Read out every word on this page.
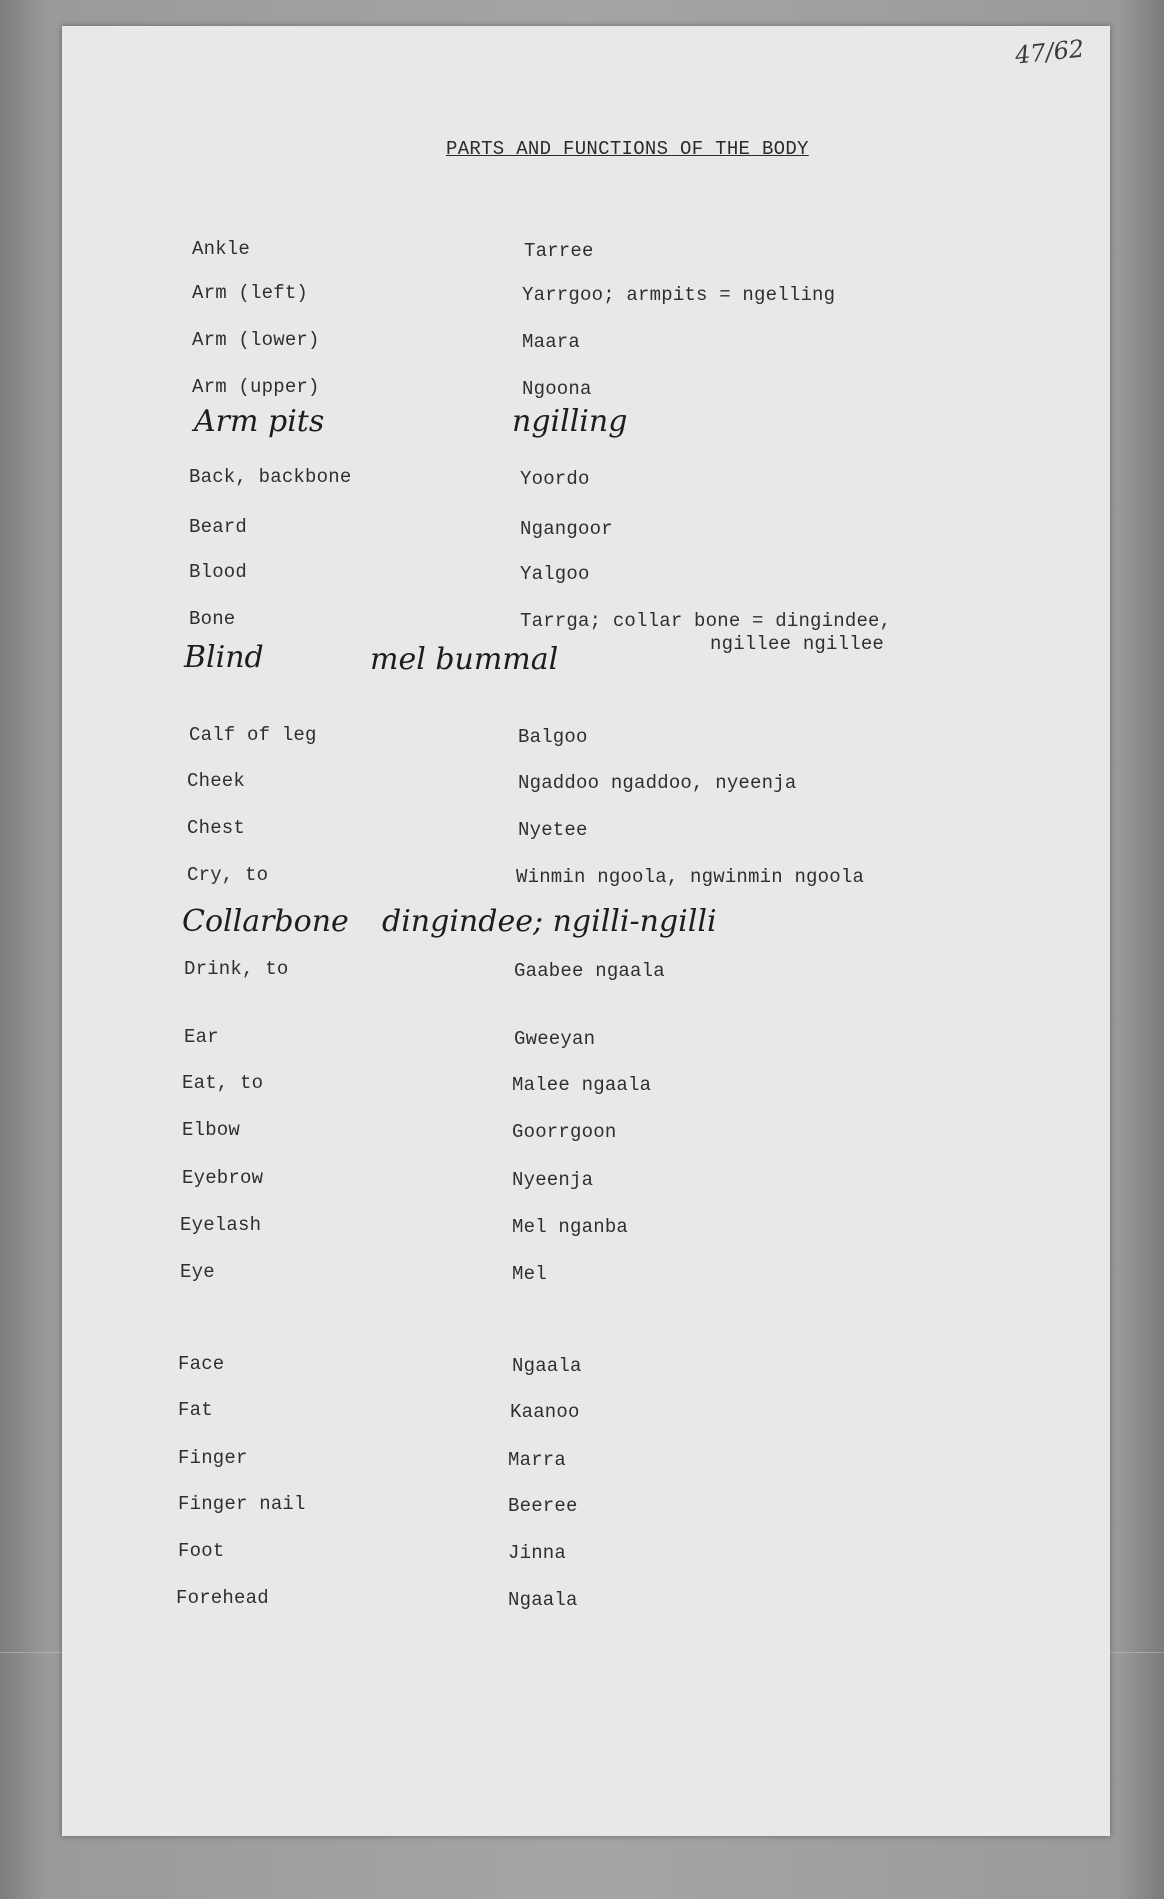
47/62
PARTS AND FUNCTIONS OF THE BODY
Ankle
Arm (left)
Arm (lower)
Arm (upper)
Back, backbone
Beard
Blood
Bone
Calf of leg
Cheek
Chest
Cry, to
Drink, to
Ear
Eat, to
Elbow
Eyebrow
Eyelash
Eye
Face
Fat
Finger
Finger nail
Foot
Forehead
Tarree
Yarrgoo; armpits = ngelling
Maara
Ngoona
Yoordo
Ngangoor
Yalgoo
Tarrga; collar bone = dingindee,
ngillee ngillee
Balgoo
Ngaddoo ngaddoo, nyeenja
Nyetee
Winmin ngoola, ngwinmin ngoola
Gaabee ngaala
Gweeyan
Malee ngaala
Goorrgoon
Nyeenja
Mel nganba
Mel
Ngaala
Kaanoo
Marra
Beeree
Jinna
Ngaala
Arm pits	ngilling
Blind	mel bummal
Collarbone dingindee; ngilli-ngilli
